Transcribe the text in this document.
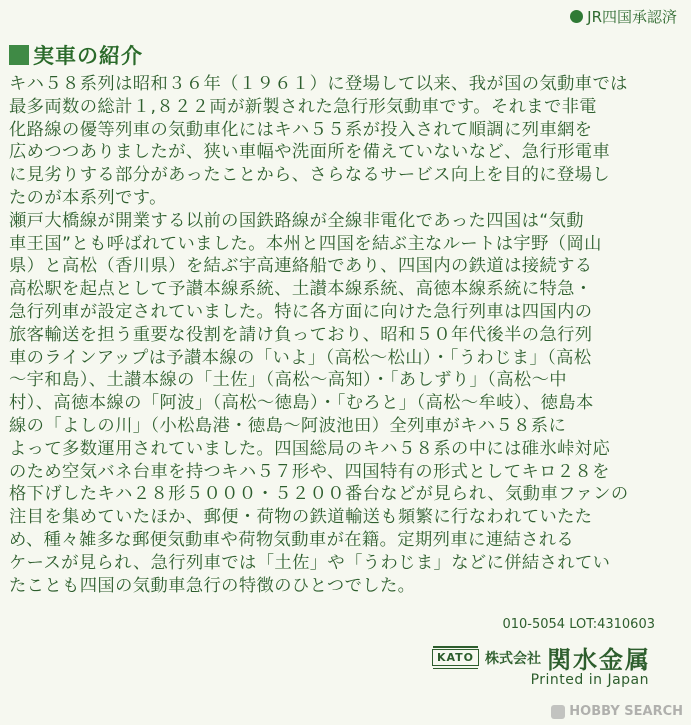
JR四国承認済
実車の紹介
キハ５８系列は昭和３６年（１９６１）に登場して以来、我が国の気動車では
最多両数の総計１,８２２両が新製された急行形気動車です。それまで非電
化路線の優等列車の気動車化にはキハ５５系が投入されて順調に列車網を
広めつつありましたが、狭い車幅や洗面所を備えていないなど、急行形電車
に見劣りする部分があったことから、さらなるサービス向上を目的に登場し
たのが本系列です。
瀬戸大橋線が開業する以前の国鉄路線が全線非電化であった四国は“気動
車王国”とも呼ばれていました。本州と四国を結ぶ主なルートは宇野（岡山
県）と高松（香川県）を結ぶ宇高連絡船であり、四国内の鉄道は接続する
高松駅を起点として予讃本線系統、土讃本線系統、高徳本線系統に特急・
急行列車が設定されていました。特に各方面に向けた急行列車は四国内の
旅客輸送を担う重要な役割を請け負っており、昭和５０年代後半の急行列
車のラインアップは予讃本線の「いよ」（高松～松山）・「うわじま」（高松
～宇和島）、土讃本線の「土佐」（高松～高知）・「あしずり」（高松～中
村）、高徳本線の「阿波」（高松～徳島）・「むろと」（高松～牟岐）、徳島本
線の「よしの川」（小松島港・徳島～阿波池田）全列車がキハ５８系に
よって多数運用されていました。四国総局のキハ５８系の中には碓氷峠対応
のため空気バネ台車を持つキハ５７形や、四国特有の形式としてキロ２８を
格下げしたキハ２８形５０００・５２００番台などが見られ、気動車ファンの
注目を集めていたほか、郵便・荷物の鉄道輸送も頻繁に行なわれていたた
め、種々雑多な郵便気動車や荷物気動車が在籍。定期列車に連結される
ケースが見られ、急行列車では「土佐」や「うわじま」などに併結されてい
たことも四国の気動車急行の特徴のひとつでした。
010-5054 LOT:4310603
KATO 株式会社 関水金属
Printed in Japan
HOBBY SEARCH
